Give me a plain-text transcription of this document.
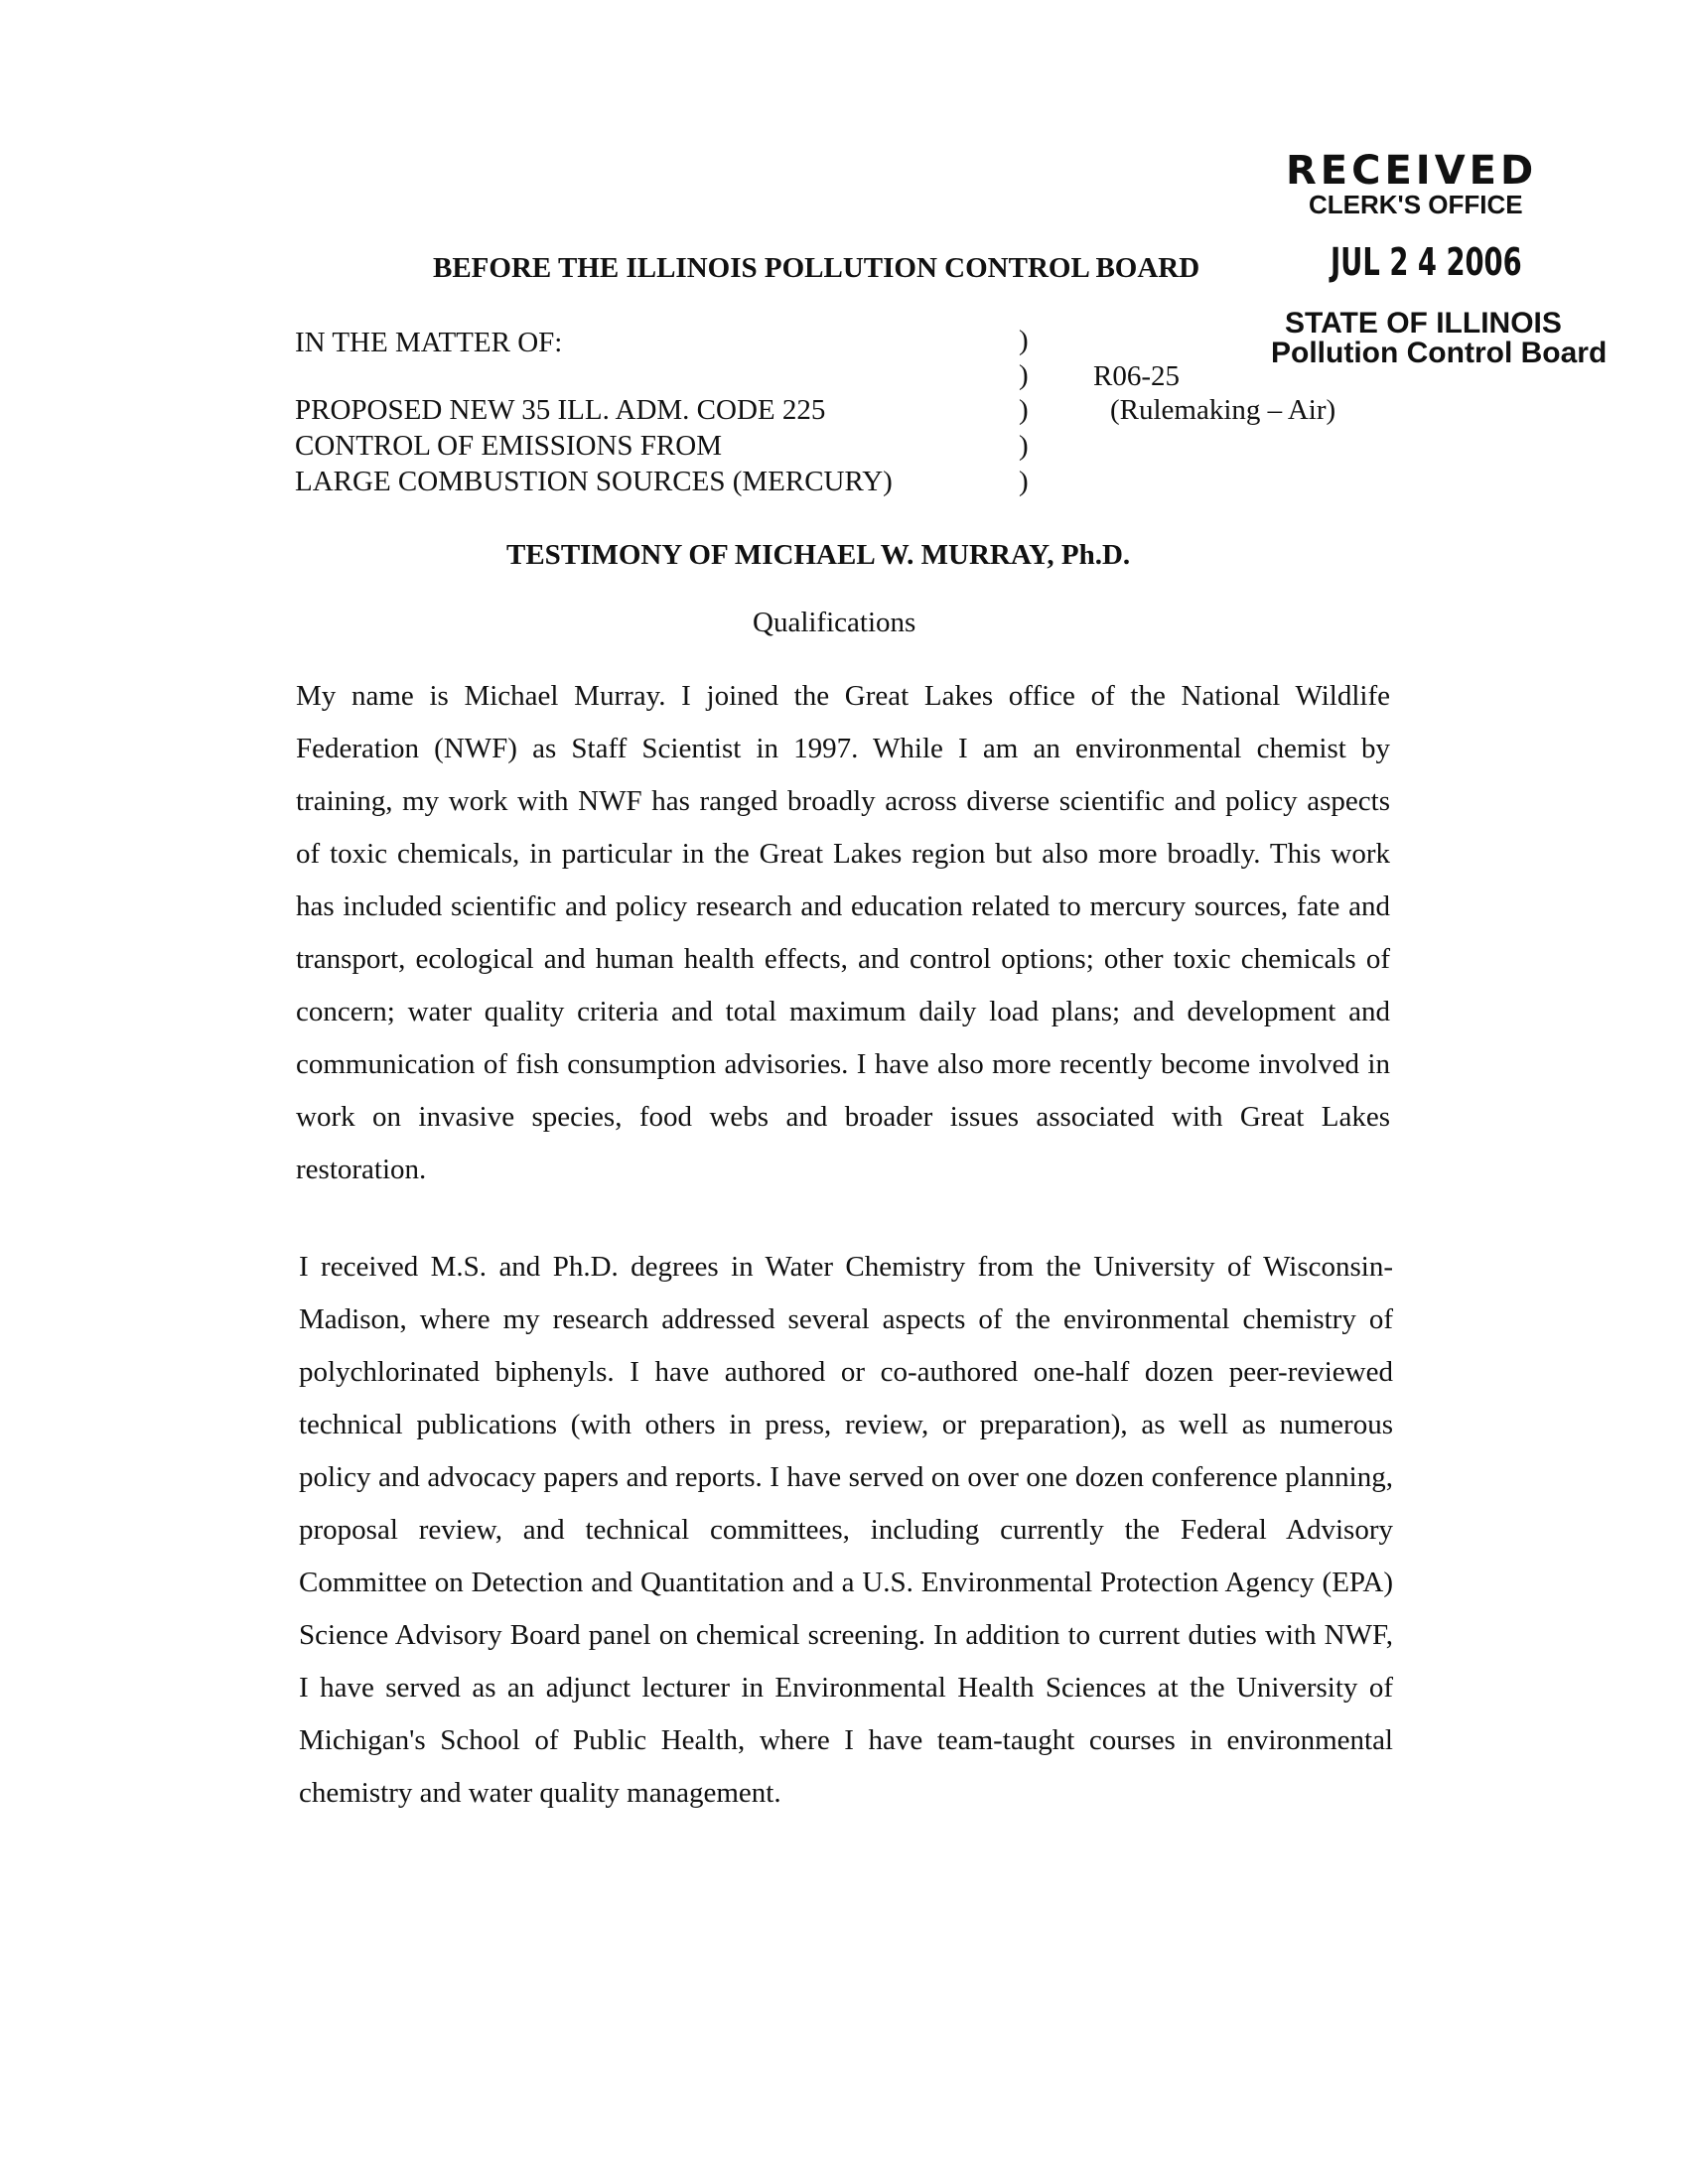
RECEIVED
CLERK'S OFFICE
JUL 2 4 2006
STATE OF ILLINOIS
Pollution Control Board
BEFORE THE ILLINOIS POLLUTION CONTROL BOARD
IN THE MATTER OF:
PROPOSED NEW 35 ILL. ADM. CODE 225
CONTROL OF EMISSIONS FROM
LARGE COMBUSTION SOURCES (MERCURY)
)
)
)
)
)
R06-25
(Rulemaking – Air)
TESTIMONY OF MICHAEL W. MURRAY, Ph.D.
Qualifications

My name is Michael Murray. I joined the Great Lakes office of the National Wildlife Federation (NWF) as Staff Scientist in 1997. While I am an environmental chemist by training, my work with NWF has ranged broadly across diverse scientific and policy aspects of toxic chemicals, in particular in the Great Lakes region but also more broadly. This work has included scientific and policy research and education related to mercury sources, fate and transport, ecological and human health effects, and control options; other toxic chemicals of concern; water quality criteria and total maximum daily load plans; and development and communication of fish consumption advisories. I have also more recently become involved in work on invasive species, food webs and broader issues associated with Great Lakes restoration.

I received M.S. and Ph.D. degrees in Water Chemistry from the University of Wisconsin-Madison, where my research addressed several aspects of the environmental chemistry of polychlorinated biphenyls. I have authored or co-authored one-half dozen peer-reviewed technical publications (with others in press, review, or preparation), as well as numerous policy and advocacy papers and reports. I have served on over one dozen conference planning, proposal review, and technical committees, including currently the Federal Advisory Committee on Detection and Quantitation and a U.S. Environmental Protection Agency (EPA) Science Advisory Board panel on chemical screening. In addition to current duties with NWF, I have served as an adjunct lecturer in Environmental Health Sciences at the University of Michigan's School of Public Health, where I have team-taught courses in environmental chemistry and water quality management.
